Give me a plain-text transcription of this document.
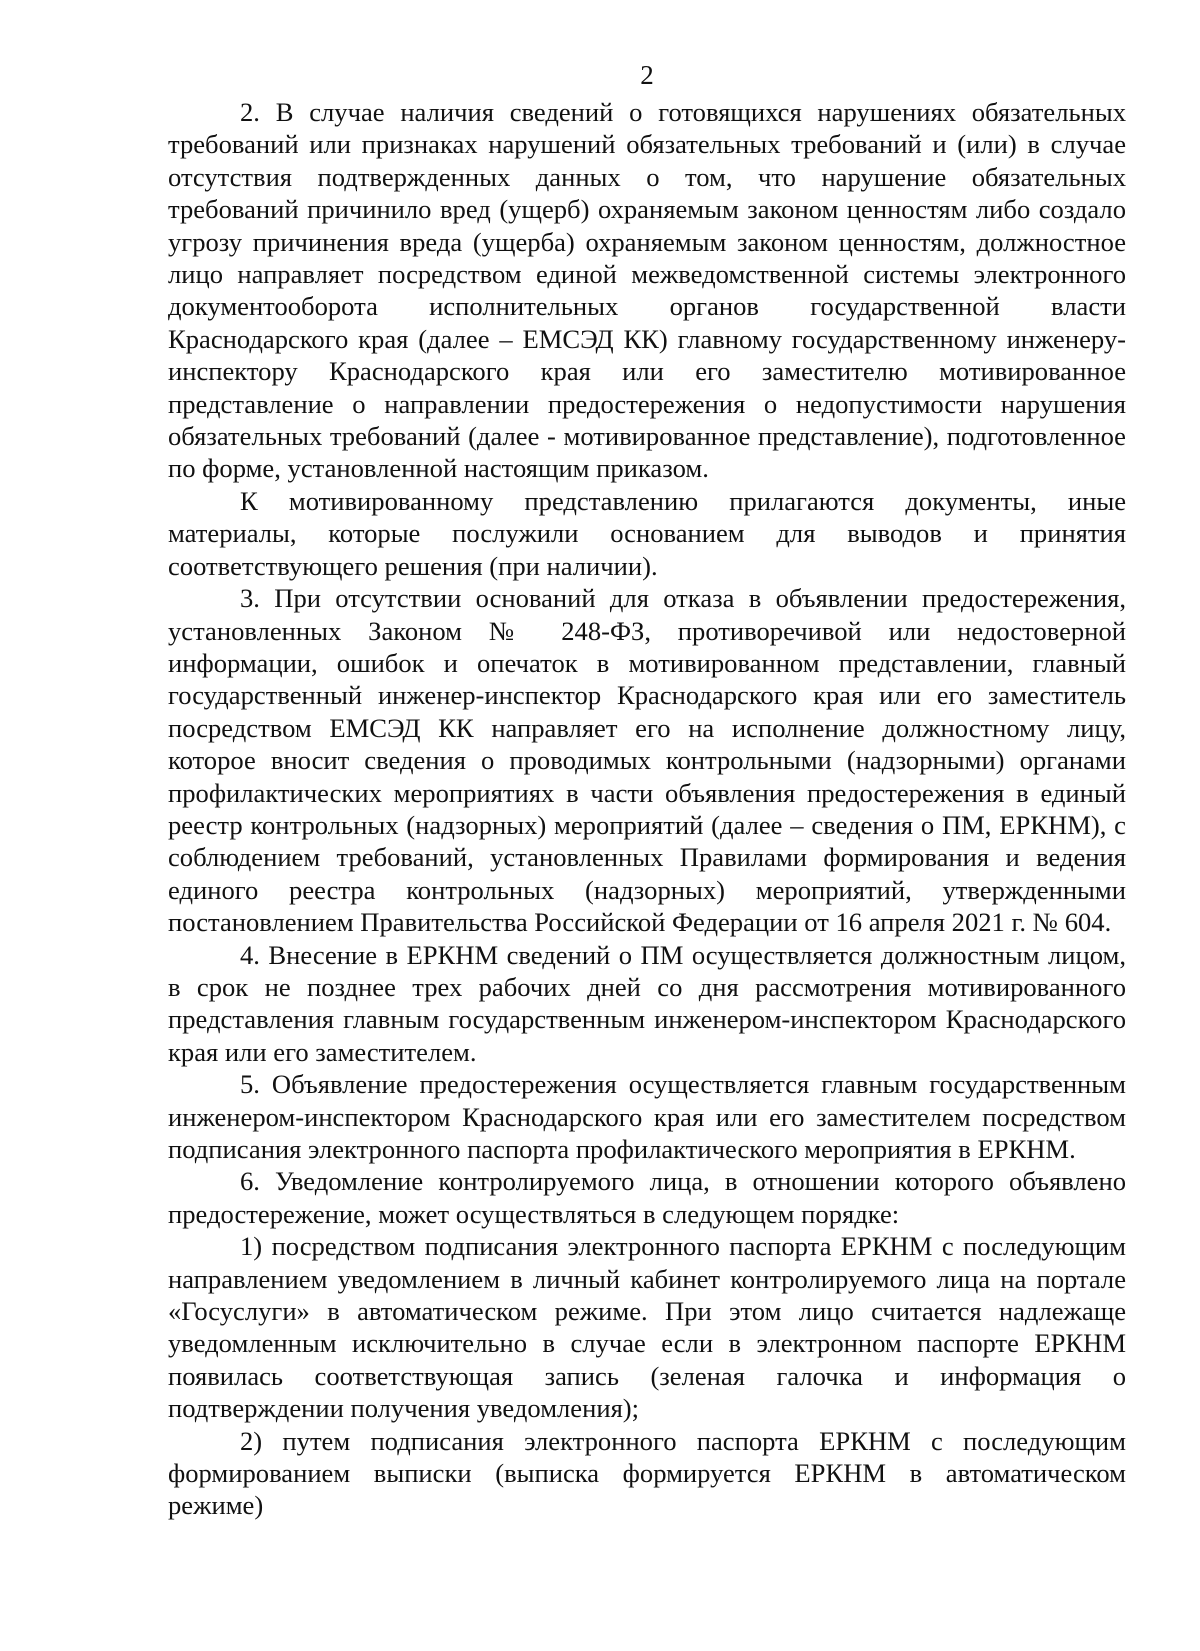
2

2. В случае наличия сведений о готовящихся нарушениях обязательных требований или признаках нарушений обязательных требований и (или) в случае отсутствия подтвержденных данных о том, что нарушение обязательных требований причинило вред (ущерб) охраняемым законом ценностям либо создало угрозу причинения вреда (ущерба) охраняемым законом ценностям, должностное лицо направляет посредством единой межведомственной системы электронного документооборота исполнительных органов государственной власти Краснодарского края (далее – ЕМСЭД КК) главному государственному инженеру-инспектору Краснодарского края или его заместителю мотивированное представление о направлении предостережения о недопустимости нарушения обязательных требований (далее - мотивированное представление), подготовленное по форме, установленной настоящим приказом.

К мотивированному представлению прилагаются документы, иные материалы, которые послужили основанием для выводов и принятия соответствующего решения (при наличии).

3. При отсутствии оснований для отказа в объявлении предостережения, установленных Законом № 248-ФЗ, противоречивой или недостоверной информации, ошибок и опечаток в мотивированном представлении, главный государственный инженер-инспектор Краснодарского края или его заместитель посредством ЕМСЭД КК направляет его на исполнение должностному лицу, которое вносит сведения о проводимых контрольными (надзорными) органами профилактических мероприятиях в части объявления предостережения в единый реестр контрольных (надзорных) мероприятий (далее – сведения о ПМ, ЕРКНМ), с соблюдением требований, установленных Правилами формирования и ведения единого реестра контрольных (надзорных) мероприятий, утвержденными постановлением Правительства Российской Федерации от 16 апреля 2021 г. № 604.

4. Внесение в ЕРКНМ сведений о ПМ осуществляется должностным лицом, в срок не позднее трех рабочих дней со дня рассмотрения мотивированного представления главным государственным инженером-инспектором Краснодарского края или его заместителем.

5. Объявление предостережения осуществляется главным государственным инженером-инспектором Краснодарского края или его заместителем посредством подписания электронного паспорта профилактического мероприятия в ЕРКНМ.

6. Уведомление контролируемого лица, в отношении которого объявлено предостережение, может осуществляться в следующем порядке:

1) посредством подписания электронного паспорта ЕРКНМ с последующим направлением уведомлением в личный кабинет контролируемого лица на портале «Госуслуги» в автоматическом режиме. При этом лицо считается надлежаще уведомленным исключительно в случае если в электронном паспорте ЕРКНМ появилась соответствующая запись (зеленая галочка и информация о подтверждении получения уведомления);

2) путем подписания электронного паспорта ЕРКНМ с последующим формированием выписки (выписка формируется ЕРКНМ в автоматическом режиме)
